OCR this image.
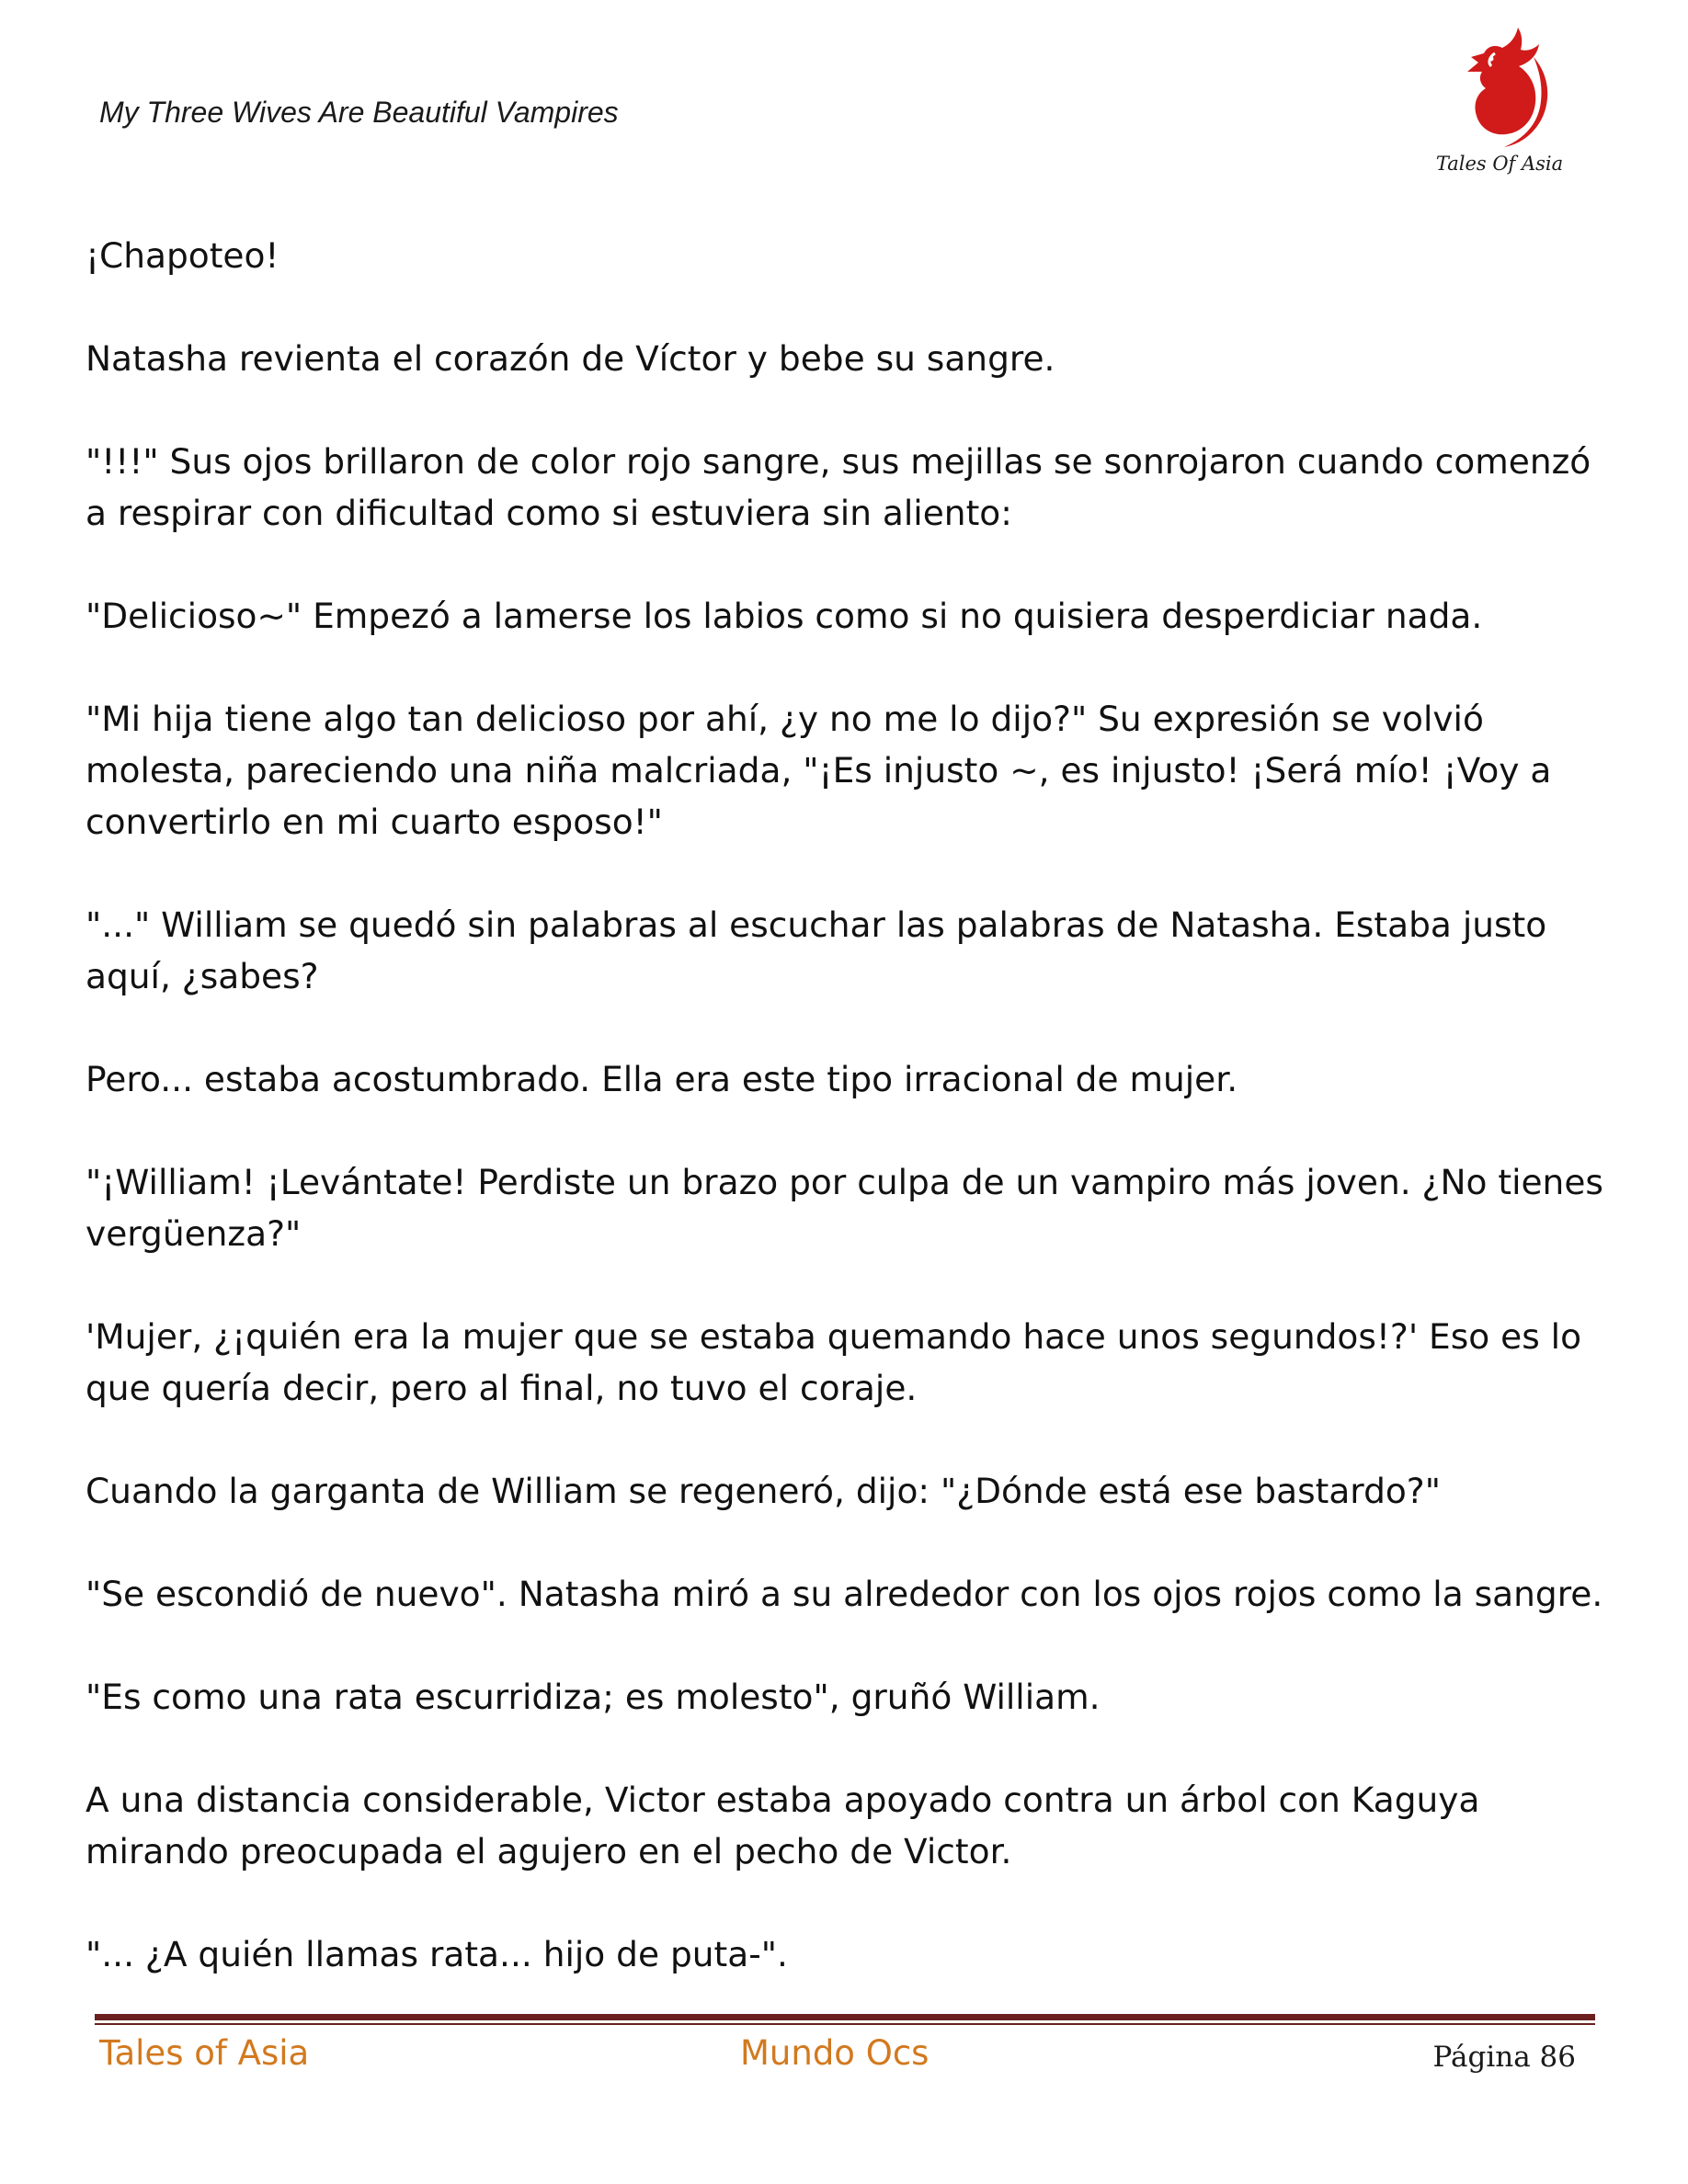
My Three Wives Are Beautiful Vampires
Tales Of Asia

¡Chapoteo!

Natasha revienta el corazón de Víctor y bebe su sangre.

"!!!" Sus ojos brillaron de color rojo sangre, sus mejillas se sonrojaron cuando comenzó a respirar con dificultad como si estuviera sin aliento:

"Delicioso~" Empezó a lamerse los labios como si no quisiera desperdiciar nada.

"Mi hija tiene algo tan delicioso por ahí, ¿y no me lo dijo?" Su expresión se volvió molesta, pareciendo una niña malcriada, "¡Es injusto ~, es injusto! ¡Será mío! ¡Voy a convertirlo en mi cuarto esposo!"

"..." William se quedó sin palabras al escuchar las palabras de Natasha. Estaba justo aquí, ¿sabes?

Pero... estaba acostumbrado. Ella era este tipo irracional de mujer.

"¡William! ¡Levántate! Perdiste un brazo por culpa de un vampiro más joven. ¿No tienes vergüenza?"

'Mujer, ¿¡quién era la mujer que se estaba quemando hace unos segundos!?' Eso es lo que quería decir, pero al final, no tuvo el coraje.

Cuando la garganta de William se regeneró, dijo: "¿Dónde está ese bastardo?"

"Se escondió de nuevo". Natasha miró a su alrededor con los ojos rojos como la sangre.

"Es como una rata escurridiza; es molesto", gruñó William.

A una distancia considerable, Victor estaba apoyado contra un árbol con Kaguya mirando preocupada el agujero en el pecho de Victor.

"... ¿A quién llamas rata... hijo de puta-".

Tales of Asia	Mundo Ocs	Página 86
